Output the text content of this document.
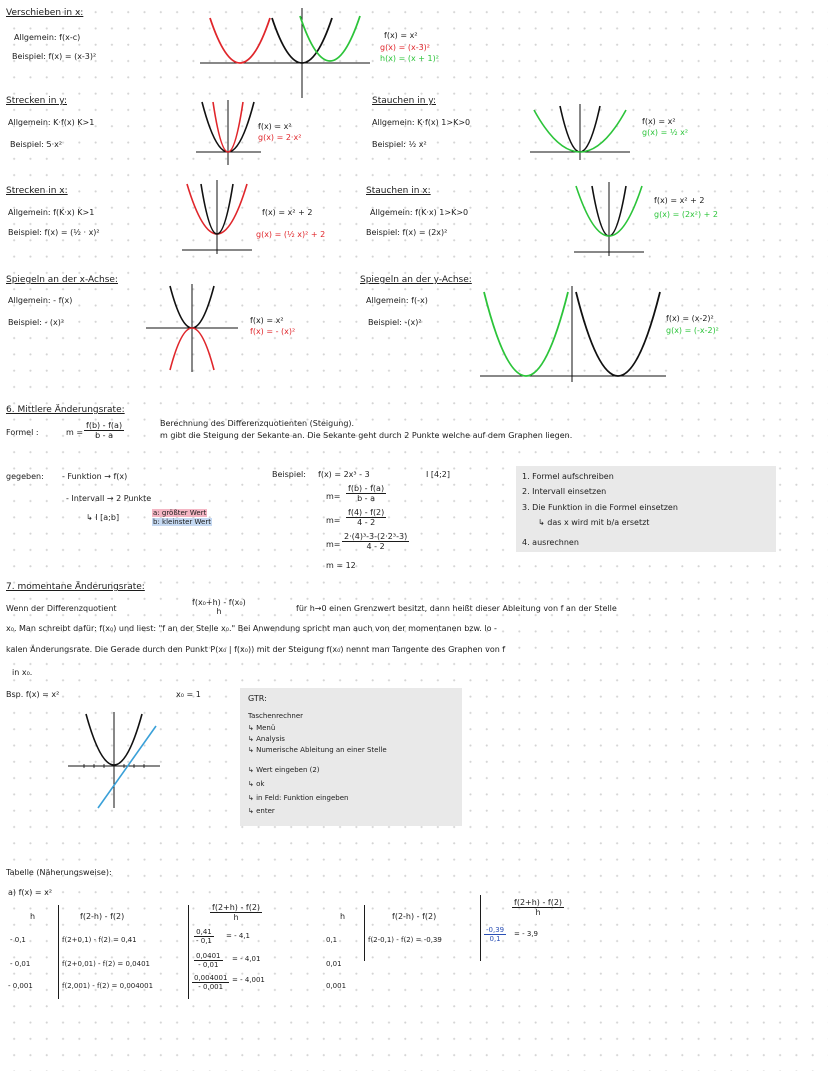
Verschieben in x:
Allgemein: f(x-c)
Beispiel: f(x) = (x-3)²
f(x) = x²
g(x) = (x-3)²
h(x) = (x + 1)²
Strecken in y:
Allgemein: K·f(x) K>1
Beispiel: 5·x²
f(x) = x²
g(x) = 2·x²
Stauchen in y:
Allgemein: K·f(x) 1>K>0
Beispiel: ½ x²
f(x) = x²
g(x) = ½ x²
Strecken in x:
Allgemein: f(K·x) K>1
Beispiel: f(x) = (½ · x)²
f(x) = x² + 2
g(x) = (½ x)² + 2
Stauchen in x:
Allgemein: f(K·x) 1>K>0
Beispiel: f(x) = (2x)²
f(x) = x² + 2
g(x) = (2x²) + 2
Spiegeln an der x-Achse:
Allgemein: - f(x)
Beispiel: - (x)²	f(x) = x²
f(x) = - (x)²
Spiegeln an der y-Achse:
Allgemein: f(-x)
Beispiel: -(x)²	f(x) = (x-2)²
g(x) = (-x-2)²
6. Mittlere Änderungsrate:
Formel :	$m = \frac{f(b) - f(a)}{b - a}$	Berechnung des Differenzquotienten (Steigung).
m gibt die Steigung der Sekante an. Die Sekante geht durch 2 Punkte welche auf dem Graphen liegen.
gegeben: - Funktion → f(x)
- Intervall → 2 Punkte
↳ I [a;b]	a: größter Wert
b: kleinster Wert
Beispiel: f(x) = 2x³ - 3	I [4;2]
$m= \frac{f(b) - f(a)}{b - a}$
$m= \frac{f(4) - f(2)}{4 - 2}$
$m= \frac{\text{2·(4)³-3-(2·2³-3)}}{4 - 2}$
m = 12
1. Formel aufschreiben
2. Intervall einsetzen
3. Die Funktion in die Formel einsetzen
↳ das x wird mit b/a ersetzt
4. ausrechnen
7. momentane Änderungsrate:
Wenn der Differenzquotient
f(x₀+h) - f(x₀)
h	für h→0 einen Grenzwert besitzt, dann heißt dieser Ableitung von f an der Stelle
x₀. Man schreibt dafür: f(x₀) und liest: "f an der Stelle x₀." Bei Anwendung spricht man auch von der momentanen bzw. lo -
kalen Änderungsrate. Die Gerade durch den Punkt P(x₀ | f(x₀)) mit der Steigung f(x₀) nennt man Tangente des Graphen von f
in x₀.
Bsp. f(x) = x²	x₀ = 1	GTR:
Taschenrechner
↳ Menü
↳ Analysis
↳ Numerische Ableitung an einer Stelle
↳ Wert eingeben (2)
↳ ok
↳ in Feld: Funktion eingeben
↳ enter
Tabelle (Näherungsweise):
a) f(x) = x²
h	f(2-h) - f(2)	$\frac{f(2+h) - f(2)}{h}$
- 0,1	f(2+0,1) - f(2) = 0,41	$\frac{0,41}{- 0,1}$ = - 4,1
- 0,01	f(2+0,01) - f(2) = 0,0401	$\frac{0,0401}{- 0,01}$ = - 4,01
- 0,001	f(2,001) - f(2) = 0,004001	$\frac{0,004001}{- 0,001}$ = - 4,001
h	f(2-h) - f(2)	$\frac{f(2+h) - f(2)}{h}$
0,1	f(2-0,1) - f(2) = -0,39	$\frac{-0,39}{0,1}$ = - 3,9
0,01
0,001
